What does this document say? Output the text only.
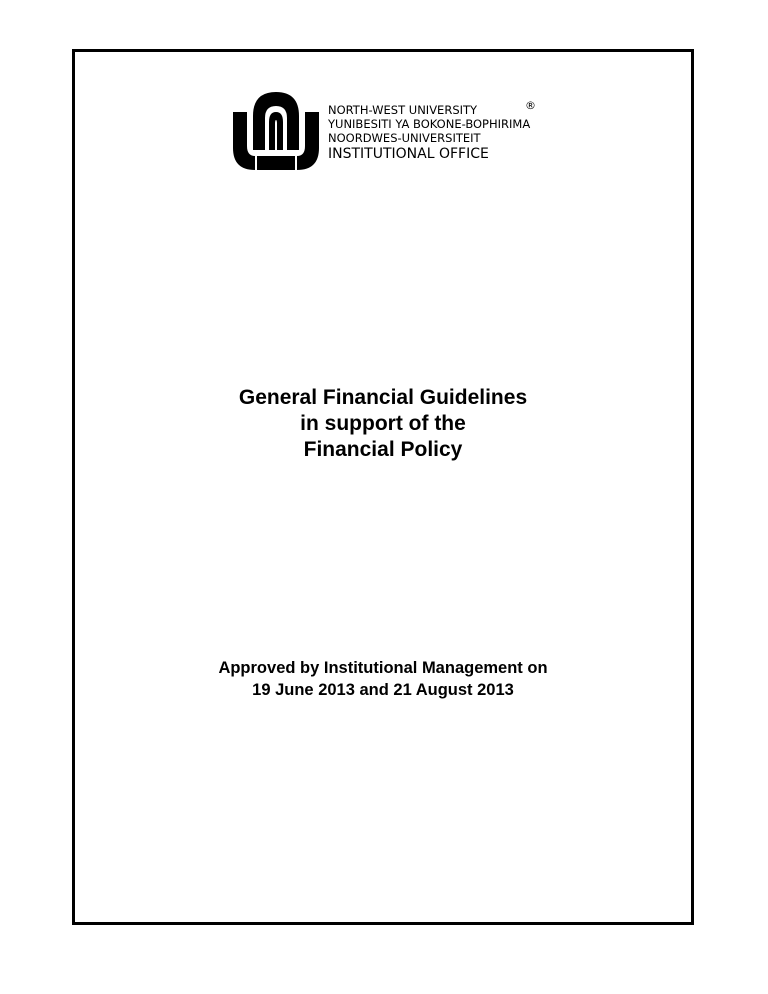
NORTH-WEST UNIVERSITY
YUNIBESITI YA BOKONE-BOPHIRIMA
NOORDWES-UNIVERSITEIT
INSTITUTIONAL OFFICE
®
General Financial Guidelines
in support of the
Financial Policy
Approved by Institutional Management on
19 June 2013 and 21 August 2013
